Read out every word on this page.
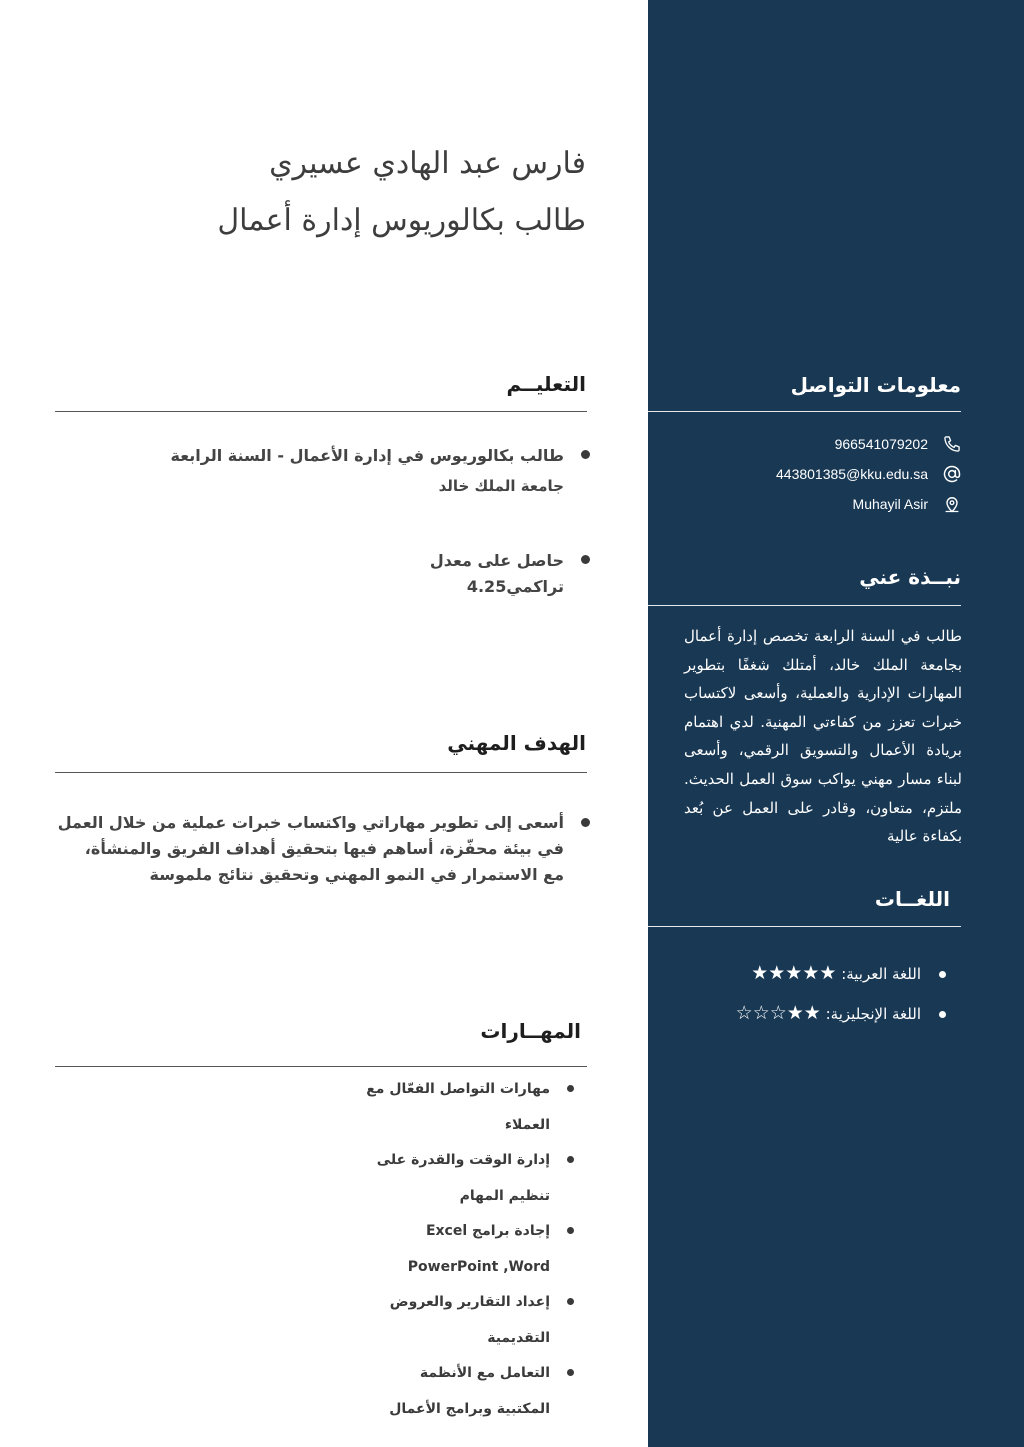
فارس عبد الهادي عسيري
طالب بكالوريوس إدارة أعمال
التعليــم
طالب بكالوريوس في إدارة الأعمال - السنة الرابعة
جامعة الملك خالد
حاصل على معدل
تراكمي4.25
الهدف المهني
أسعى إلى تطوير مهاراتي واكتساب خبرات عملية من خلال العمل
في بيئة محفّزة، أساهم فيها بتحقيق أهداف الفريق والمنشأة،
مع الاستمرار في النمو المهني وتحقيق نتائج ملموسة
المهــارات
مهارات التواصل الفعّال مع
العملاء
إدارة الوقت والقدرة على
تنظيم المهام
إجادة برامج Excel
PowerPoint ,Word
إعداد التقارير والعروض
التقديمية
التعامل مع الأنظمة
المكتبية وبرامج الأعمال
معلومات التواصل
966541079202
443801385@kku.edu.sa
Muhayil Asir
نبــذة عني
طالب في السنة الرابعة تخصص إدارة أعمال بجامعة الملك خالد، أمتلك شغفًا بتطوير المهارات الإدارية والعملية، وأسعى لاكتساب خبرات تعزز من كفاءتي المهنية. لدي اهتمام بريادة الأعمال والتسويق الرقمي، وأسعى لبناء مسار مهني يواكب سوق العمل الحديث. ملتزم، متعاون، وقادر على العمل عن بُعد بكفاءة عالية
اللغــات
اللغة العربية: ★★★★★
اللغة الإنجليزية: ★★☆☆☆
